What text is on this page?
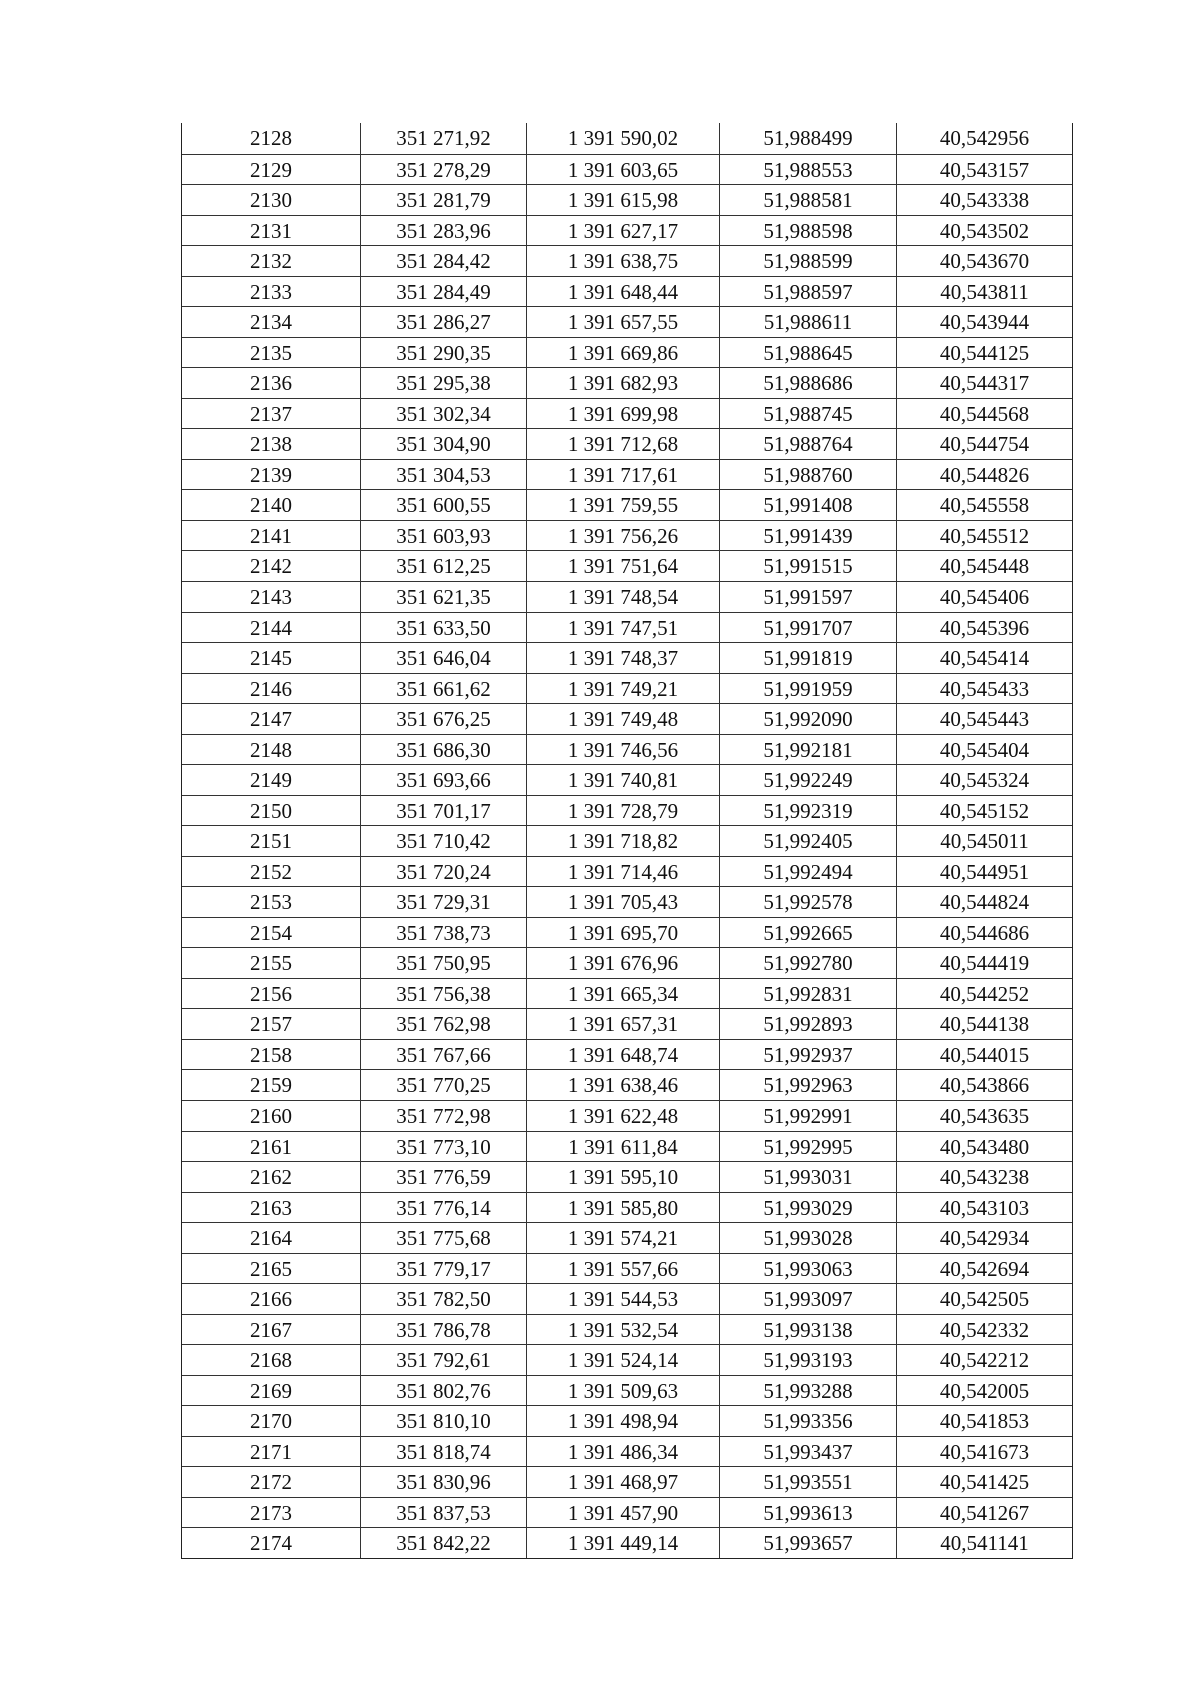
2128	351 271,92	1 391 590,02	51,988499	40,542956
2129	351 278,29	1 391 603,65	51,988553	40,543157
2130	351 281,79	1 391 615,98	51,988581	40,543338
2131	351 283,96	1 391 627,17	51,988598	40,543502
2132	351 284,42	1 391 638,75	51,988599	40,543670
2133	351 284,49	1 391 648,44	51,988597	40,543811
2134	351 286,27	1 391 657,55	51,988611	40,543944
2135	351 290,35	1 391 669,86	51,988645	40,544125
2136	351 295,38	1 391 682,93	51,988686	40,544317
2137	351 302,34	1 391 699,98	51,988745	40,544568
2138	351 304,90	1 391 712,68	51,988764	40,544754
2139	351 304,53	1 391 717,61	51,988760	40,544826
2140	351 600,55	1 391 759,55	51,991408	40,545558
2141	351 603,93	1 391 756,26	51,991439	40,545512
2142	351 612,25	1 391 751,64	51,991515	40,545448
2143	351 621,35	1 391 748,54	51,991597	40,545406
2144	351 633,50	1 391 747,51	51,991707	40,545396
2145	351 646,04	1 391 748,37	51,991819	40,545414
2146	351 661,62	1 391 749,21	51,991959	40,545433
2147	351 676,25	1 391 749,48	51,992090	40,545443
2148	351 686,30	1 391 746,56	51,992181	40,545404
2149	351 693,66	1 391 740,81	51,992249	40,545324
2150	351 701,17	1 391 728,79	51,992319	40,545152
2151	351 710,42	1 391 718,82	51,992405	40,545011
2152	351 720,24	1 391 714,46	51,992494	40,544951
2153	351 729,31	1 391 705,43	51,992578	40,544824
2154	351 738,73	1 391 695,70	51,992665	40,544686
2155	351 750,95	1 391 676,96	51,992780	40,544419
2156	351 756,38	1 391 665,34	51,992831	40,544252
2157	351 762,98	1 391 657,31	51,992893	40,544138
2158	351 767,66	1 391 648,74	51,992937	40,544015
2159	351 770,25	1 391 638,46	51,992963	40,543866
2160	351 772,98	1 391 622,48	51,992991	40,543635
2161	351 773,10	1 391 611,84	51,992995	40,543480
2162	351 776,59	1 391 595,10	51,993031	40,543238
2163	351 776,14	1 391 585,80	51,993029	40,543103
2164	351 775,68	1 391 574,21	51,993028	40,542934
2165	351 779,17	1 391 557,66	51,993063	40,542694
2166	351 782,50	1 391 544,53	51,993097	40,542505
2167	351 786,78	1 391 532,54	51,993138	40,542332
2168	351 792,61	1 391 524,14	51,993193	40,542212
2169	351 802,76	1 391 509,63	51,993288	40,542005
2170	351 810,10	1 391 498,94	51,993356	40,541853
2171	351 818,74	1 391 486,34	51,993437	40,541673
2172	351 830,96	1 391 468,97	51,993551	40,541425
2173	351 837,53	1 391 457,90	51,993613	40,541267
2174	351 842,22	1 391 449,14	51,993657	40,541141
